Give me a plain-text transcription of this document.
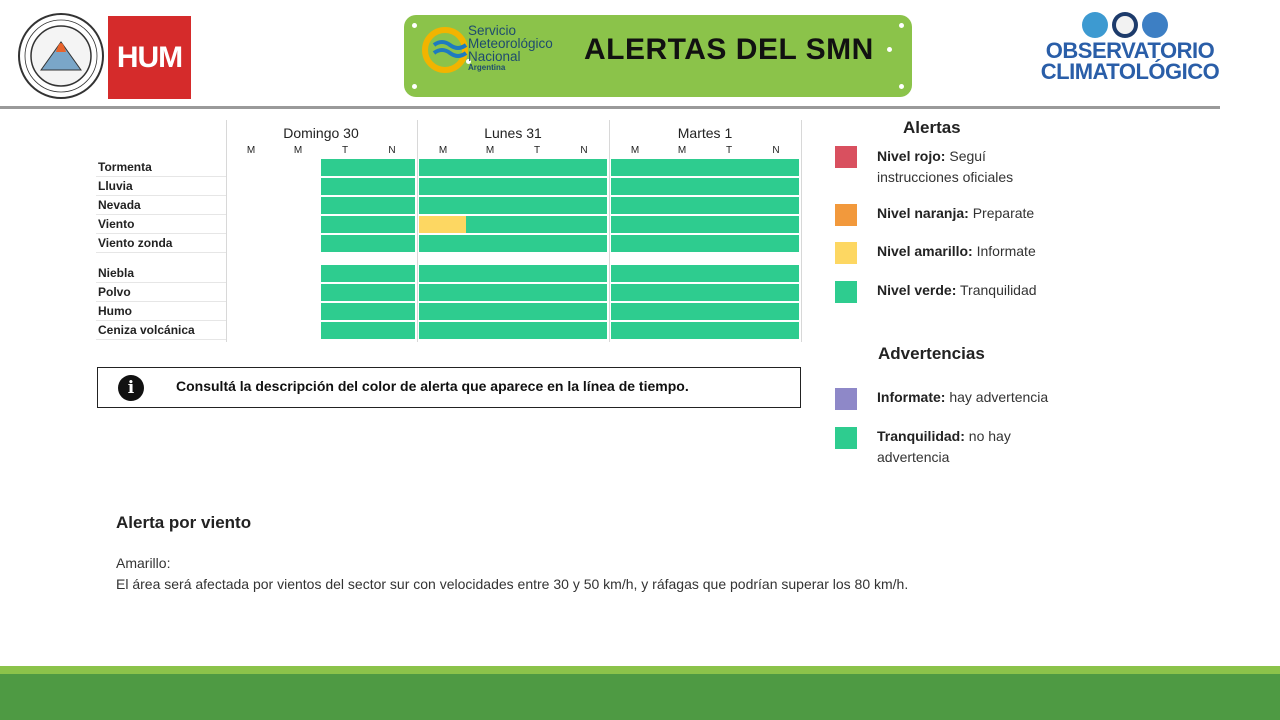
HUM
Servicio
Meteorológico
Nacional
Argentina
ALERTAS DEL SMN	OBSERVATORIO
CLIMATOLÓGICO
Domingo 30	Lunes 31	Martes 1
M	M	T	N	M	M	T	N	M	M	T	N
Tormenta
Lluvia
Nevada
Viento
Viento zonda
Niebla
Polvo
Humo
Ceniza volcánica
i	Consultá la descripción del color de alerta que aparece en la línea de tiempo.
Alertas
Nivel rojo: Seguí
instrucciones oficiales
Nivel naranja: Preparate
Nivel amarillo: Informate
Nivel verde: Tranquilidad
Advertencias
Informate: hay advertencia
Tranquilidad: no hay
advertencia
Alerta por viento
Amarillo:
El área será afectada por vientos del sector sur con velocidades entre 30 y 50 km/h, y ráfagas que podrían superar los 80 km/h.
